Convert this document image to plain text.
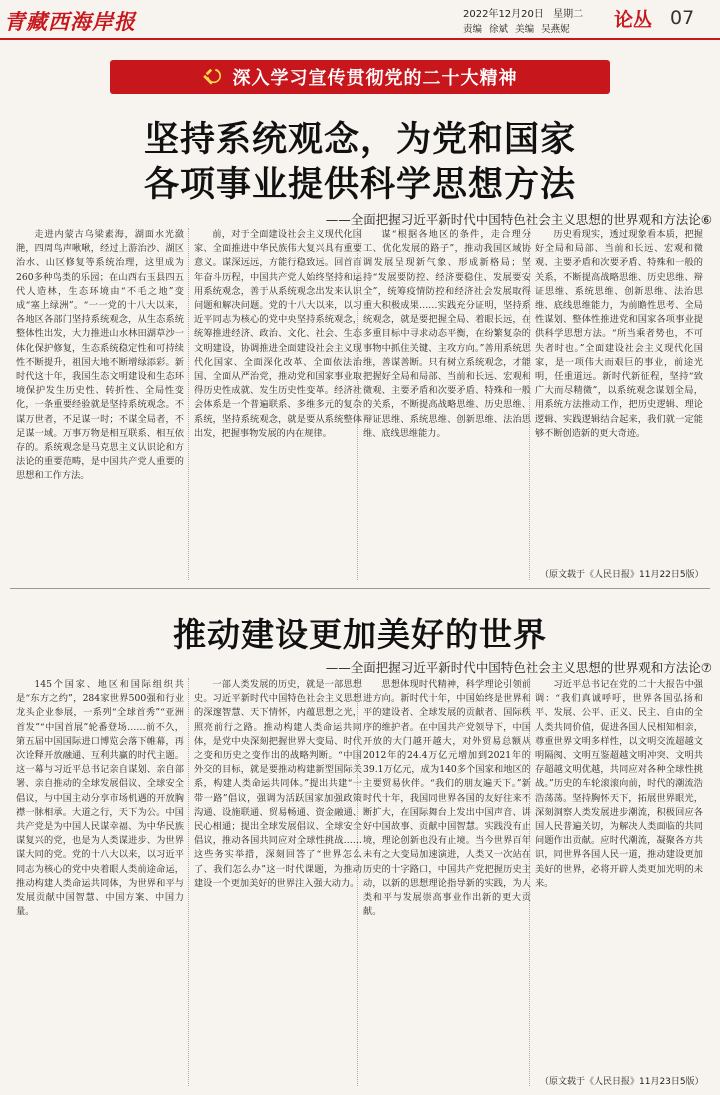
青藏西海岸报	2022年12月20日 星期二
责编 徐斌 美编 吴燕妮 论丛 07
深入学习宣传贯彻党的二十大精神
坚持系统观念，为党和国家
各项事业提供科学思想方法
——全面把握习近平新时代中国特色社会主义思想的世界观和方法论⑥

走进内蒙古乌梁素海，湖面水光潋滟，四周鸟声啾啾，经过上游治沙、湖区治水、山区修复等系统治理，这里成为260多种鸟类的乐园；在山西右玉县四五代人造林，生态环境由“不毛之地”变成“塞上绿洲”。“一一党的十八大以来，各地区各部门坚持系统观念，从生态系统整体性出发，大力推进山水林田湖草沙一体化保护修复，生态系统稳定性和可持续性不断提升，祖国大地不断增绿添彩。新时代这十年，我国生态文明建设和生态环境保护发生历史性、转折性、全局性变化，一条重要经验就是坚持系统观念。不谋万世者，不足谋一时；不谋全局者，不足谋一域。万事万物是相互联系、相互依存的。系统观念是马克思主义认识论和方法论的重要范畴，是中国共产党人重要的思想和工作方法。

前，对于全面建设社会主义现代化国家、全面推进中华民族伟大复兴具有重要意义。谋深远远，方能行稳致远。回首百年奋斗历程，中国共产党人始终坚持和运用系统观念，善于从系统观念出发来认识问题和解决问题。党的十八大以来，以习近平同志为核心的党中央坚持系统观念，统筹推进经济、政治、文化、社会、生态文明建设，协调推进全面建设社会主义现代化国家、全面深化改革、全面依法治国、全面从严治党，推动党和国家事业取得历史性成就、发生历史性变革。经济社会体系是一个普遍联系、多维多元的复杂系统，坚持系统观念，就是要从系统整体出发，把握事物发展的内在规律。

谋“根据各地区的条件，走合理分工、优化发展的路子”，推动我国区域协调发展呈现新气象、形成新格局；坚持“发展要防控、经济要稳住、发展要安全”，统筹疫情防控和经济社会发展取得重大积极成果……实践充分证明，坚持系统观念，就是要把握全局、着眼长远，在多重目标中寻求动态平衡，在纷繁复杂的事物中抓住关键、主攻方向。”善用系统思维，善谋善断。只有树立系统观念，才能把握好全局和局部、当前和长远、宏观和微观、主要矛盾和次要矛盾、特殊和一般的关系，不断提高战略思维、历史思维、辩证思维、系统思维、创新思维、法治思维、底线思维能力。

历史看现实，透过现象看本质，把握好全局和局部、当前和长远、宏观和微观、主要矛盾和次要矛盾、特殊和一般的关系，不断提高战略思维、历史思维、辩证思维、系统思维、创新思维、法治思维、底线思维能力，为前瞻性思考、全局性谋划、整体性推进党和国家各项事业提供科学思想方法。“所当乘者势也，不可失者时也。”全面建设社会主义现代化国家，是一项伟大而艰巨的事业，前途光明，任重道远。新时代新征程，坚持“致广大而尽精微”，以系统观念谋划全局，用系统方法推动工作，把历史逻辑、理论逻辑、实践逻辑结合起来，我们就一定能够不断创造新的更大奇迹。

（原文载于《人民日报》11月22日5版）
推动建设更加美好的世界
——全面把握习近平新时代中国特色社会主义思想的世界观和方法论⑦

145个国家、地区和国际组织共是“东方之约”，284家世界500强和行业龙头企业参展，一系列“全球首秀”“亚洲首发”“中国首展”轮番登场……前不久，第五届中国国际进口博览会落下帷幕，再次诠释开放融通、互利共赢的时代主题。这一幕与习近平总书记亲自谋划、亲自部署、亲自推动的全球发展倡议、全球安全倡议，与中国主动分享市场机遇的开放胸襟一脉相承。大道之行，天下为公。中国共产党是为中国人民谋幸福、为中华民族谋复兴的党，也是为人类谋进步、为世界谋大同的党。党的十八大以来，以习近平同志为核心的党中央着眼人类前途命运，推动构建人类命运共同体，为世界和平与发展贡献中国智慧、中国方案、中国力量。

一部人类发展的历史，就是一部思想史。习近平新时代中国特色社会主义思想的深邃智慧、天下情怀，内蕴思想之光，照亮前行之路。推动构建人类命运共同体，是党中央深刻把握世界大变局、时代之变和历史之变作出的战略判断。“中国外交的目标，就是要推动构建新型国际关系，构建人类命运共同体。”提出共建“一带一路”倡议，强调为活跃国家加强政策沟通、设施联通、贸易畅通、资金融通、民心相通；提出全球发展倡议、全球安全倡议，推动各国共同应对全球性挑战……这些务实举措，深刻回答了“世界怎么了、我们怎么办”这一时代课题，为推动建设一个更加美好的世界注入强大动力。

思想体现时代精神，科学理论引领前进方向。新时代十年，中国始终是世界和平的建设者、全球发展的贡献者、国际秩序的维护者。在中国共产党领导下，中国开放的大门越开越大，对外贸易总额从2012年的24.4万亿元增加到2021年的39.1万亿元，成为140多个国家和地区的主要贸易伙伴。“我们的朋友遍天下。”新时代十年，我国同世界各国的友好往来不断扩大，在国际舞台上发出中国声音、讲好中国故事、贡献中国智慧。实践没有止境，理论创新也没有止境。当今世界百年未有之大变局加速演进，人类又一次站在历史的十字路口，中国共产党把握历史主动，以新的思想理论指导新的实践，为人类和平与发展崇高事业作出新的更大贡献。

习近平总书记在党的二十大报告中强调：“我们真诚呼吁，世界各国弘扬和平、发展、公平、正义、民主、自由的全人类共同价值，促进各国人民相知相亲，尊重世界文明多样性，以文明交流超越文明隔阂、文明互鉴超越文明冲突、文明共存超越文明优越，共同应对各种全球性挑战。”历史的车轮滚滚向前，时代的潮流浩浩荡荡。坚持胸怀天下，拓展世界眼光，深刻洞察人类发展进步潮流，积极回应各国人民普遍关切，为解决人类面临的共同问题作出贡献。应时代潮流，凝聚各方共识，同世界各国人民一道，推动建设更加美好的世界，必将开辟人类更加光明的未来。

（原文载于《人民日报》11月23日5版）
